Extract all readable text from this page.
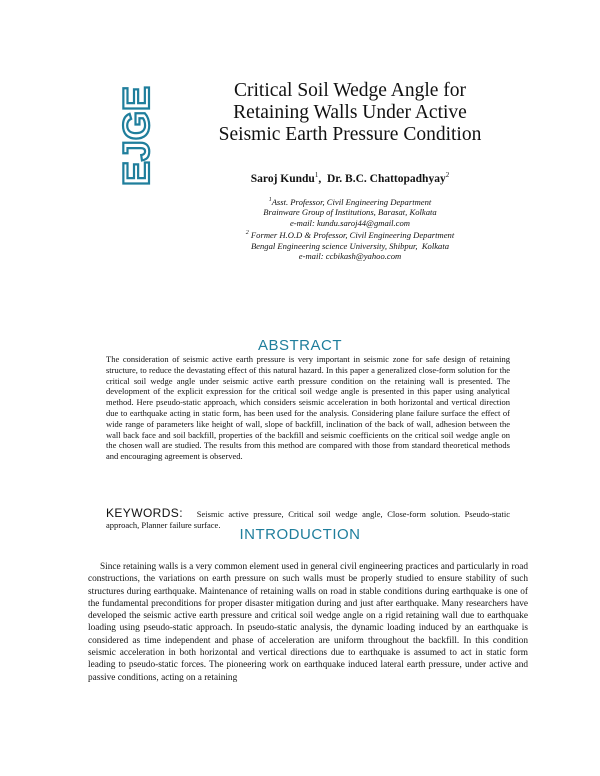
EJGE	Critical Soil Wedge Angle for
Retaining Walls Under Active
Seismic Earth Pressure Condition

Saroj Kundu$^1$,  Dr. B.C. Chattopadhyay$^2$

$^1$Asst. Professor, Civil Engineering Department
Brainware Group of Institutions, Barasat, Kolkata
e-mail: kundu.saroj44@gmail.com
$^2$ Former H.O.D & Professor, Civil Engineering Department
Bengal Engineering science University, Shibpur,  Kolkata
e-mail: ccbikash@yahoo.com
ABSTRACT

The consideration of seismic active earth pressure is very important in seismic zone for safe design of retaining structure, to reduce the devastating effect of this natural hazard. In this paper a generalized close-form solution for the critical soil wedge angle under seismic active earth pressure condition on the retaining wall is presented. The development of the explicit expression for the critical soil wedge angle is presented in this paper using analytical method. Here pseudo-static approach, which considers seismic acceleration in both horizontal and vertical direction due to earthquake acting in static form, has been used for the analysis. Considering plane failure surface the effect of wide range of parameters like height of wall, slope of backfill, inclination of the back of wall, adhesion between the wall back face and soil backfill, properties of the backfill and seismic coefficients on the critical soil wedge angle on the chosen wall are studied. The results from this method are compared with those from standard theoretical methods and encouraging agreement is observed.

KEYWORDS: Seismic active pressure, Critical soil wedge angle, Close-form solution. Pseudo-static approach, Planner failure surface.

INTRODUCTION

Since retaining walls is a very common element used in general civil engineering practices and particularly in road constructions, the variations on earth pressure on such walls must be properly studied to ensure stability of such structures during earthquake. Maintenance of retaining walls on road in stable conditions during earthquake is one of the fundamental preconditions for proper disaster mitigation during and just after earthquake. Many researchers have developed the seismic active earth pressure and critical soil wedge angle on a rigid retaining wall due to earthquake loading using pseudo-static approach. In pseudo-static analysis, the dynamic loading induced by an earthquake is considered as time independent and phase of acceleration are uniform throughout the backfill. In this condition seismic acceleration in both horizontal and vertical directions due to earthquake is assumed to act in static form leading to pseudo-static forces. The pioneering work on earthquake induced lateral earth pressure, under active and passive conditions, acting on a retaining
